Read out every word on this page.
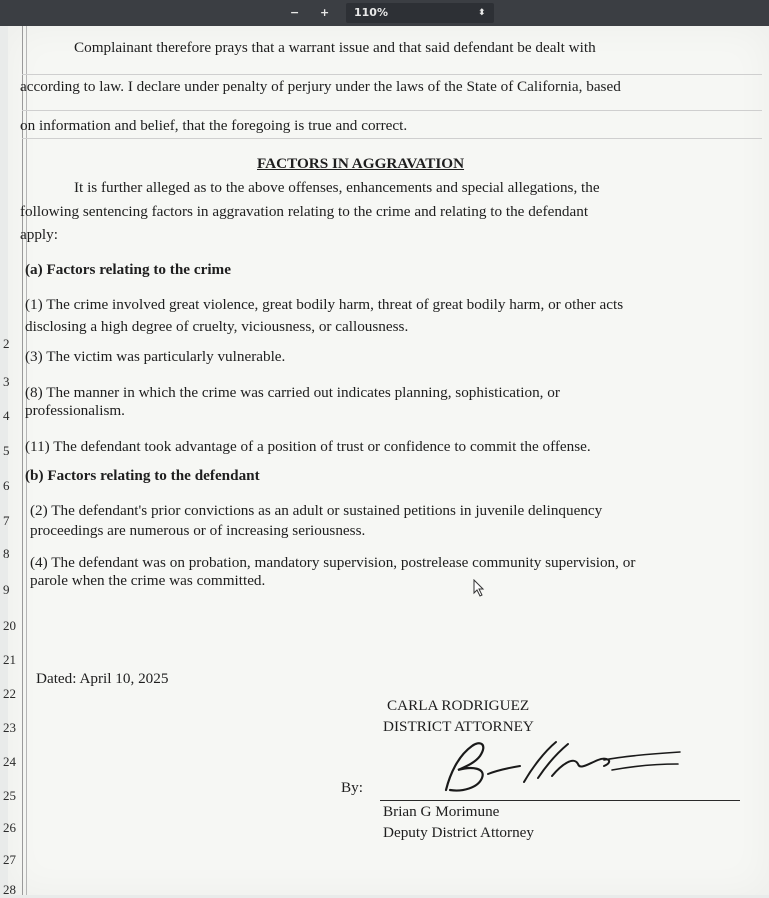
− + 110%	⬍
2
3
4
5
6
7
8
9
20
21
22
23
24
25
26
27
28
Complainant therefore prays that a warrant issue and that said defendant be dealt with
according to law. I declare under penalty of perjury under the laws of the State of California, based
on information and belief, that the foregoing is true and correct.
FACTORS IN AGGRAVATION
It is further alleged as to the above offenses, enhancements and special allegations, the
following sentencing factors in aggravation relating to the crime and relating to the defendant
apply:
(a) Factors relating to the crime
(1) The crime involved great violence, great bodily harm, threat of great bodily harm, or other acts
disclosing a high degree of cruelty, viciousness, or callousness.
(3) The victim was particularly vulnerable.
(8) The manner in which the crime was carried out indicates planning, sophistication, or
professionalism.
(11) The defendant took advantage of a position of trust or confidence to commit the offense.
(b) Factors relating to the defendant
(2) The defendant's prior convictions as an adult or sustained petitions in juvenile delinquency
proceedings are numerous or of increasing seriousness.
(4) The defendant was on probation, mandatory supervision, postrelease community supervision, or
parole when the crime was committed.
Dated: April 10, 2025
CARLA RODRIGUEZ
DISTRICT ATTORNEY
By:
Brian G Morimune
Deputy District Attorney
